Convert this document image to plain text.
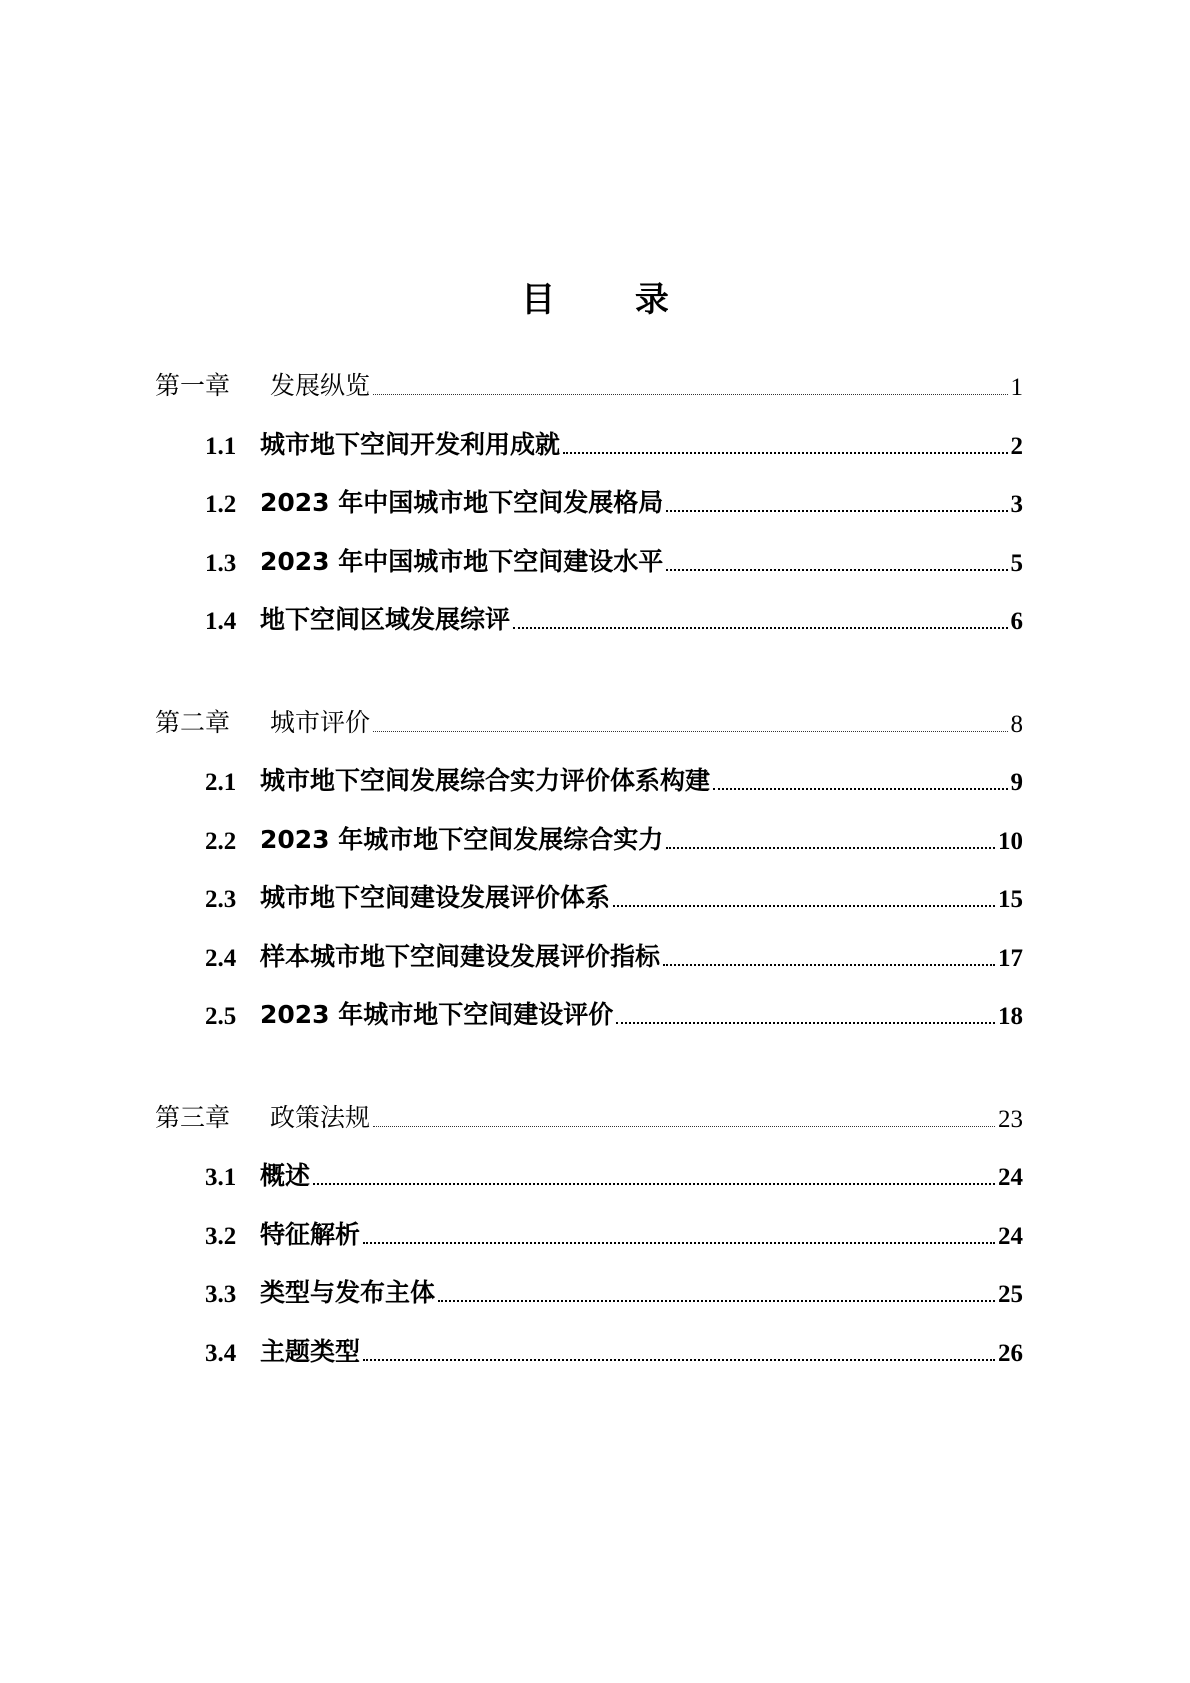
目 录
第一章	发展纵览	1
1.1 城市地下空间开发利用成就	2
1.2 2023 年中国城市地下空间发展格局	3
1.3 2023 年中国城市地下空间建设水平	5
1.4 地下空间区域发展综评	6
第二章	城市评价	8
2.1 城市地下空间发展综合实力评价体系构建	9
2.2 2023 年城市地下空间发展综合实力	10
2.3 城市地下空间建设发展评价体系	15
2.4 样本城市地下空间建设发展评价指标	17
2.5 2023 年城市地下空间建设评价	18
第三章	政策法规	23
3.1 概述	24
3.2 特征解析	24
3.3 类型与发布主体	25
3.4 主题类型	26
